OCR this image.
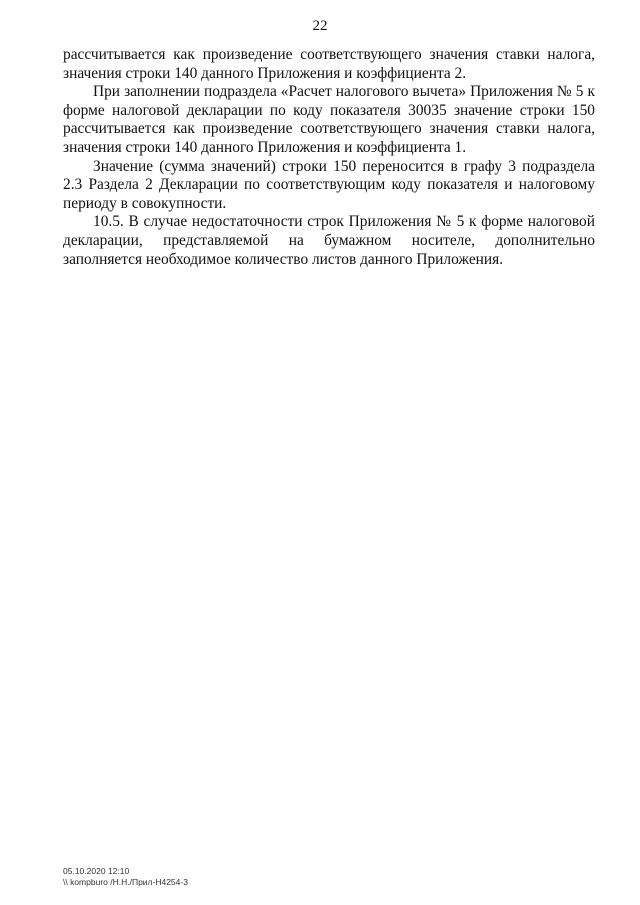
22

рассчитывается как произведение соответствующего значения ставки налога, значения строки 140 данного Приложения и коэффициента 2.

При заполнении подраздела «Расчет налогового вычета» Приложения № 5 к форме налоговой декларации по коду показателя 30035 значение строки 150 рассчитывается как произведение соответствующего значения ставки налога, значения строки 140 данного Приложения и коэффициента 1.

Значение (сумма значений) строки 150 переносится в графу 3 подраздела 2.3 Раздела 2 Декларации по соответствующим коду показателя и налоговому периоду в совокупности.

10.5. В случае недостаточности строк Приложения № 5 к форме налоговой декларации, представляемой на бумажном носителе, дополнительно заполняется необходимое количество листов данного Приложения.

05.10.2020 12:10
\\ kompburo /Н.Н./Прил-Н4254-3
